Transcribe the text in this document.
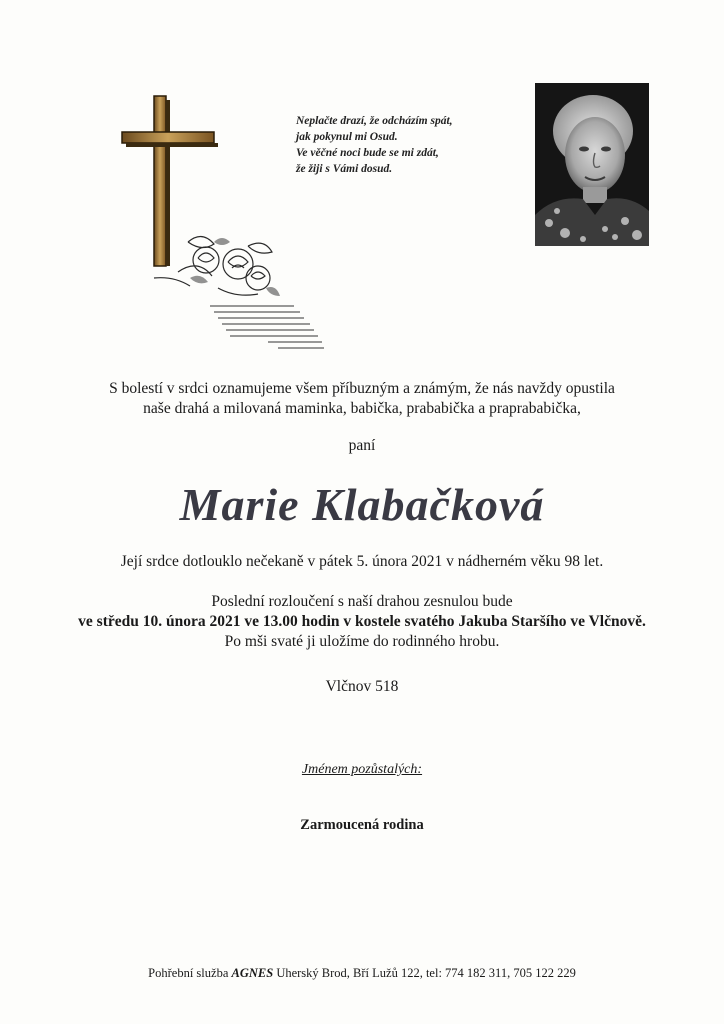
Neplačte drazí, že odcházím spát,
jak pokynul mi Osud.
Ve věčné noci bude se mi zdát,
že žiji s Vámi dosud.
S bolestí v srdci oznamujeme všem příbuzným a známým, že nás navždy opustila
naše drahá a milovaná maminka, babička, prababička a praprababička,
paní
Marie Klabačková
Její srdce dotlouklo nečekaně v pátek 5. února 2021 v nádherném věku 98 let.
Poslední rozloučení s naší drahou zesnulou bude
ve středu 10. února 2021 ve 13.00 hodin v kostele svatého Jakuba Staršího ve Vlčnově.
Po mši svaté ji uložíme do rodinného hrobu.
Vlčnov 518
Jménem pozůstalých:
Zarmoucená rodina
Pohřební služba AGNES Uherský Brod, Bří Lužů 122, tel: 774 182 311, 705 122 229
